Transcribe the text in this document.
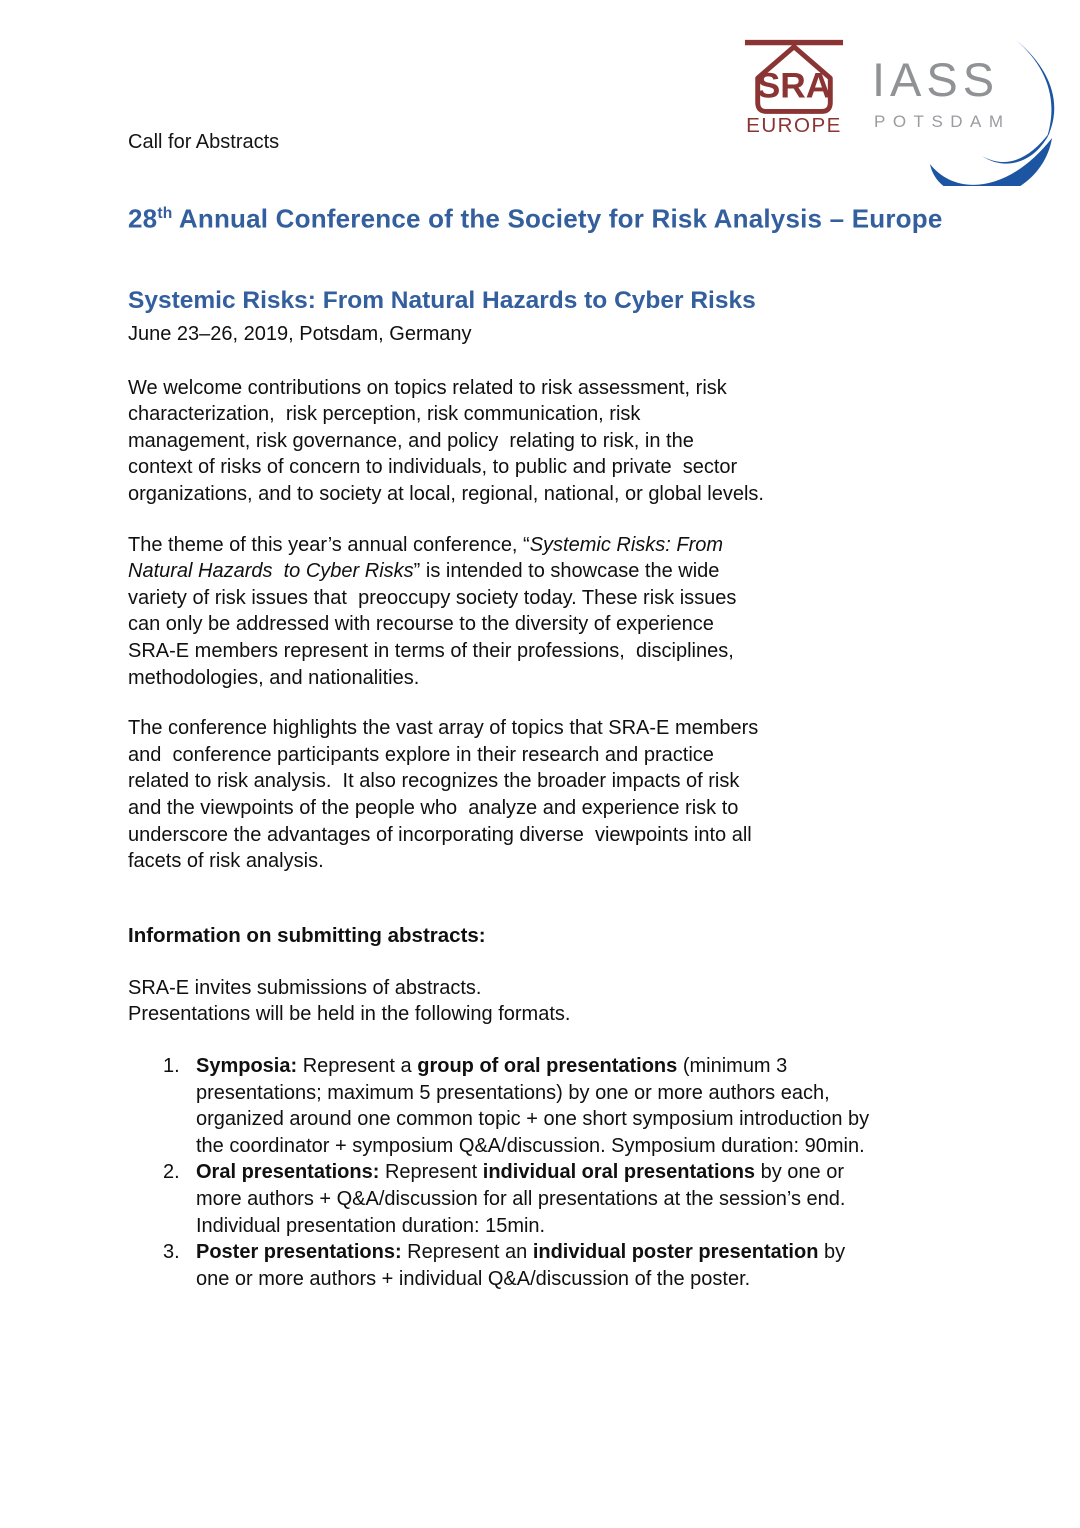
SRA
EUROPE
IASS
POTSDAM
Call for Abstracts
28th Annual Conference of the Society for Risk Analysis – Europe
Systemic Risks: From Natural Hazards to Cyber Risks
June 23–26, 2019, Potsdam, Germany
We welcome contributions on topics related to risk assessment, risk
characterization,  risk perception, risk communication, risk
management, risk governance, and policy  relating to risk, in the
context of risks of concern to individuals, to public and private  sector
organizations, and to society at local, regional, national, or global levels.
The theme of this year’s annual conference, “Systemic Risks: From
Natural Hazards  to Cyber Risks” is intended to showcase the wide
variety of risk issues that  preoccupy society today. These risk issues
can only be addressed with recourse to the diversity of experience
SRA-E members represent in terms of their professions,  disciplines,
methodologies, and nationalities.
The conference highlights the vast array of topics that SRA-E members
and  conference participants explore in their research and practice
related to risk analysis.  It also recognizes the broader impacts of risk
and the viewpoints of the people who  analyze and experience risk to
underscore the advantages of incorporating diverse  viewpoints into all
facets of risk analysis.
Information on submitting abstracts:
SRA-E invites submissions of abstracts.
Presentations will be held in the following formats.
1. Symposia: Represent a group of oral presentations (minimum 3
presentations; maximum 5 presentations) by one or more authors each,
organized around one common topic + one short symposium introduction by
the coordinator + symposium Q&A/discussion. Symposium duration: 90min.
2. Oral presentations: Represent individual oral presentations by one or
more authors + Q&A/discussion for all presentations at the session’s end.
Individual presentation duration: 15min.
3. Poster presentations: Represent an individual poster presentation by
one or more authors + individual Q&A/discussion of the poster.
